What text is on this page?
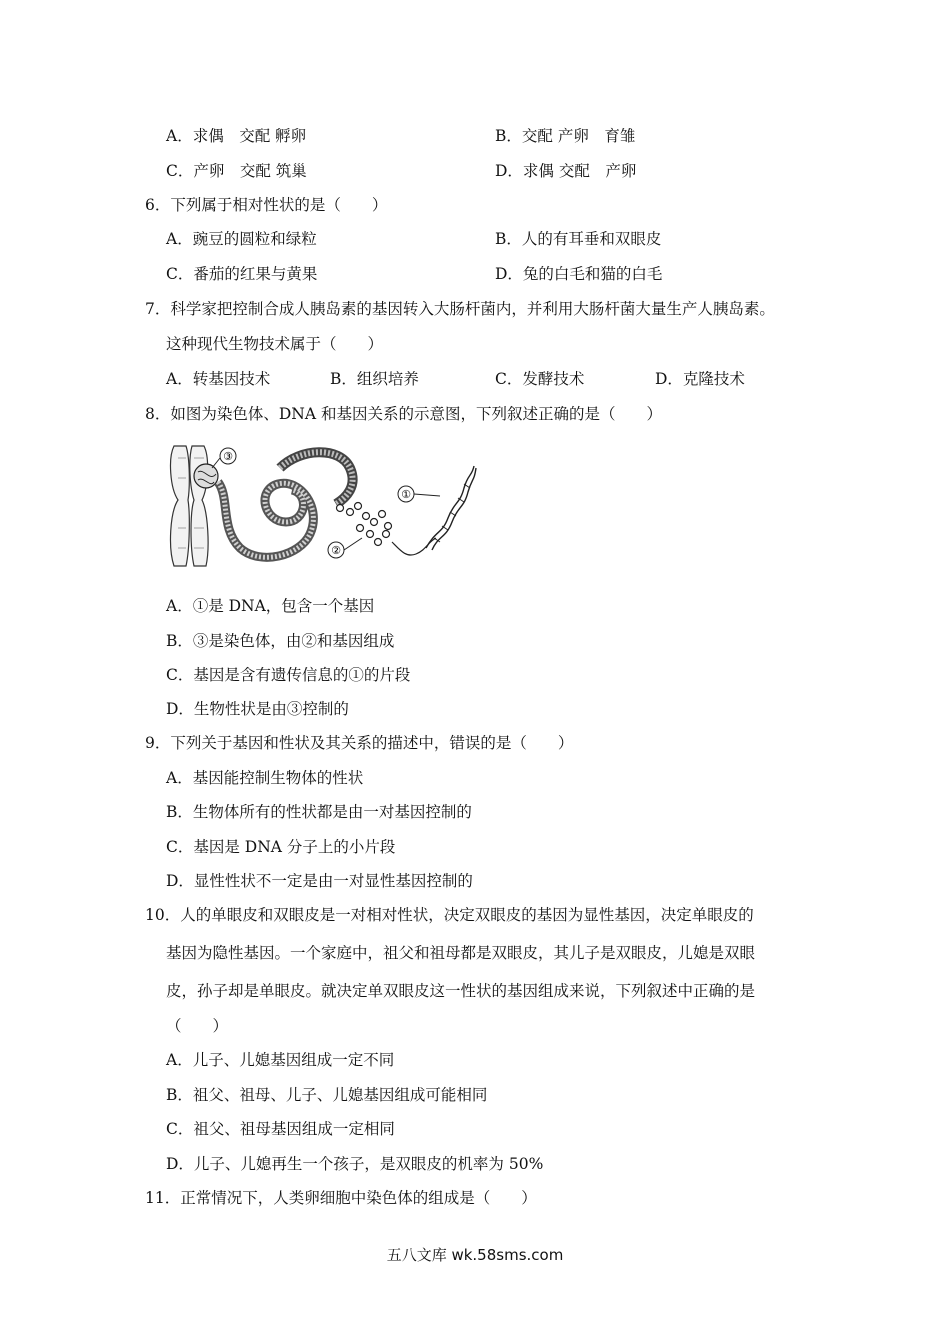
A．求偶　交配 孵卵	B．交配 产卵　育雏
C．产卵　交配 筑巢	D．求偶 交配　产卵
6．下列属于相对性状的是（　　）
A．豌豆的圆粒和绿粒	B．人的有耳垂和双眼皮
C．番茄的红果与黄果	D．兔的白毛和猫的白毛
7．科学家把控制合成人胰岛素的基因转入大肠杆菌内，并利用大肠杆菌大量生产人胰岛素。
这种现代生物技术属于（　　）
A．转基因技术	B．组织培养	C．发酵技术	D．克隆技术
8．如图为染色体、DNA 和基因关系的示意图，下列叙述正确的是（　　）
③
①
②
A．①是 DNA，包含一个基因
B．③是染色体，由②和基因组成
C．基因是含有遗传信息的①的片段
D．生物性状是由③控制的
9．下列关于基因和性状及其关系的描述中，错误的是（　　）
A．基因能控制生物体的性状
B．生物体所有的性状都是由一对基因控制的
C．基因是 DNA 分子上的小片段
D．显性性状不一定是由一对显性基因控制的
10．人的单眼皮和双眼皮是一对相对性状，决定双眼皮的基因为显性基因，决定单眼皮的
基因为隐性基因。一个家庭中，祖父和祖母都是双眼皮，其儿子是双眼皮，儿媳是双眼
皮，孙子却是单眼皮。就决定单双眼皮这一性状的基因组成来说，下列叙述中正确的是
（　　）
A．儿子、儿媳基因组成一定不同
B．祖父、祖母、儿子、儿媳基因组成可能相同
C．祖父、祖母基因组成一定相同
D．儿子、儿媳再生一个孩子，是双眼皮的机率为 50%
11．正常情况下，人类卵细胞中染色体的组成是（　　）
五八文库 wk.58sms.com
